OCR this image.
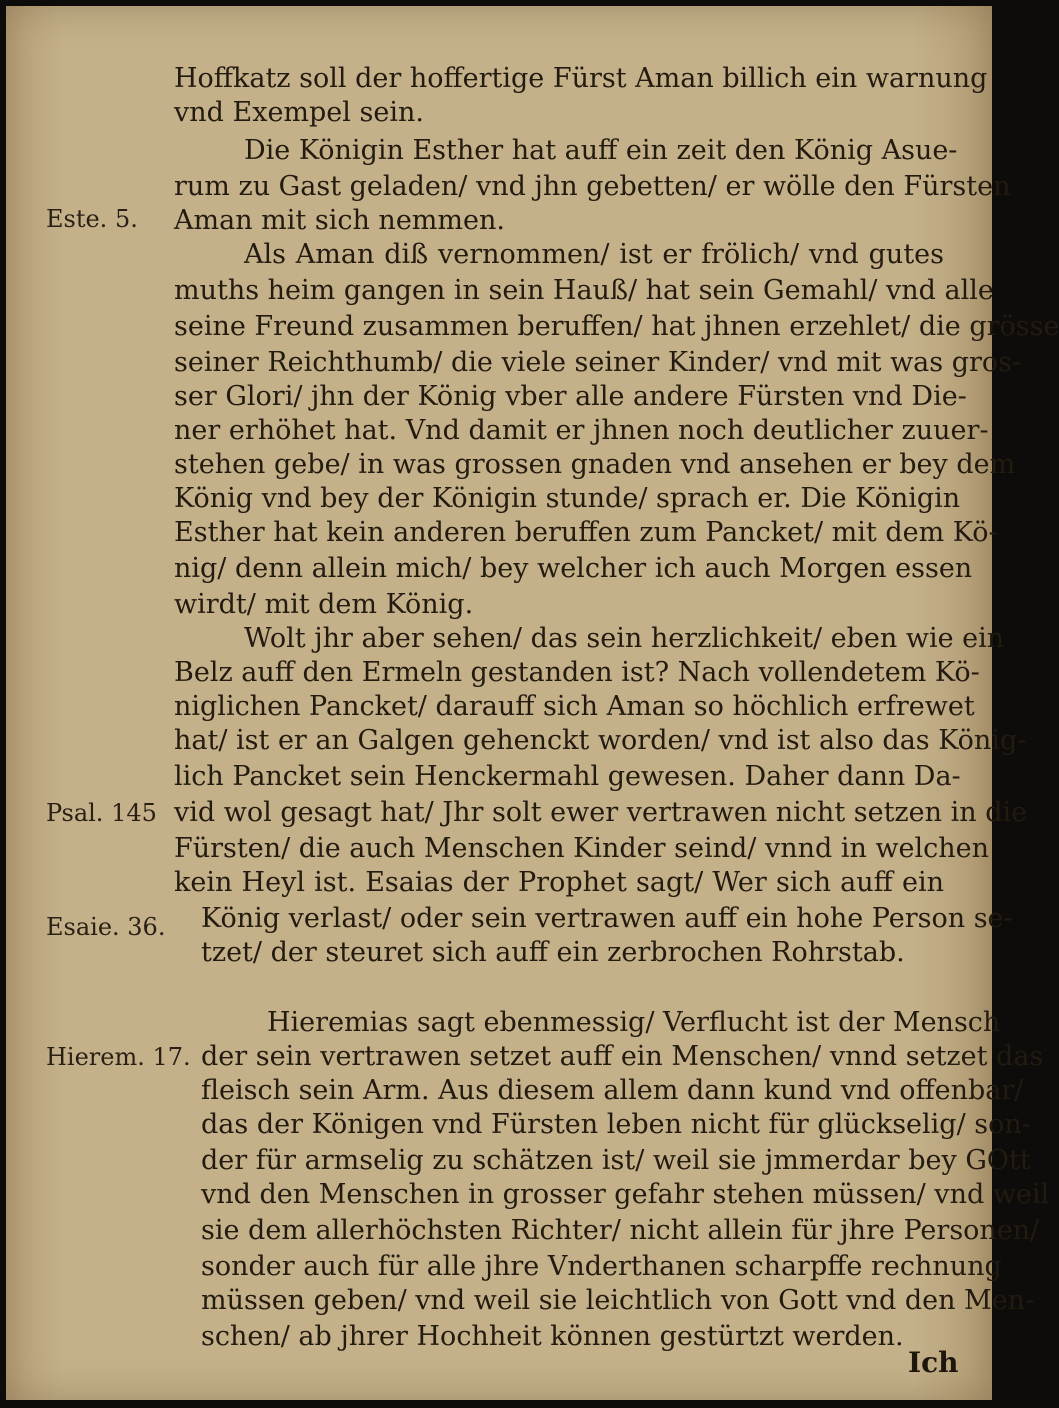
Este. 5.
Psal. 145
Esaie. 36.
Hierem. 17.
Hoffkatz soll der hoffertige Fürst Aman billich ein warnung
vnd Exempel sein.
Die Königin Esther hat auff ein zeit den König Asue-
rum zu Gast geladen/ vnd jhn gebetten/ er wölle den Fürsten
Aman mit sich nemmen.
Als Aman diß vernommen/ ist er frölich/ vnd gutes
muths heim gangen in sein Hauß/ hat sein Gemahl/ vnd alle
seine Freund zusammen beruffen/ hat jhnen erzehlet/ die grösse
seiner Reichthumb/ die viele seiner Kinder/ vnd mit was gros-
ser Glori/ jhn der König vber alle andere Fürsten vnd Die-
ner erhöhet hat. Vnd damit er jhnen noch deutlicher zuuer-
stehen gebe/ in was grossen gnaden vnd ansehen er bey dem
König vnd bey der Königin stunde/ sprach er. Die Königin
Esther hat kein anderen beruffen zum Pancket/ mit dem Kö-
nig/ denn allein mich/ bey welcher ich auch Morgen essen
wirdt/ mit dem König.
Wolt jhr aber sehen/ das sein herzlichkeit/ eben wie ein
Belz auff den Ermeln gestanden ist? Nach vollendetem Kö-
niglichen Pancket/ darauff sich Aman so höchlich erfrewet
hat/ ist er an Galgen gehenckt worden/ vnd ist also das König-
lich Pancket sein Henckermahl gewesen. Daher dann Da-
vid wol gesagt hat/ Jhr solt ewer vertrawen nicht setzen in die
Fürsten/ die auch Menschen Kinder seind/ vnnd in welchen
kein Heyl ist. Esaias der Prophet sagt/ Wer sich auff ein
König verlast/ oder sein vertrawen auff ein hohe Person se-
tzet/ der steuret sich auff ein zerbrochen Rohrstab.
Hieremias sagt ebenmessig/ Verflucht ist der Mensch
der sein vertrawen setzet auff ein Menschen/ vnnd setzet das
fleisch sein Arm. Aus diesem allem dann kund vnd offenbar/
das der Königen vnd Fürsten leben nicht für glückselig/ son-
der für armselig zu schätzen ist/ weil sie jmmerdar bey GOtt
vnd den Menschen in grosser gefahr stehen müssen/ vnd weil
sie dem allerhöchsten Richter/ nicht allein für jhre Personen/
sonder auch für alle jhre Vnderthanen scharpffe rechnung
müssen geben/ vnd weil sie leichtlich von Gott vnd den Men-
schen/ ab jhrer Hochheit können gestürtzt werden.
Ich
